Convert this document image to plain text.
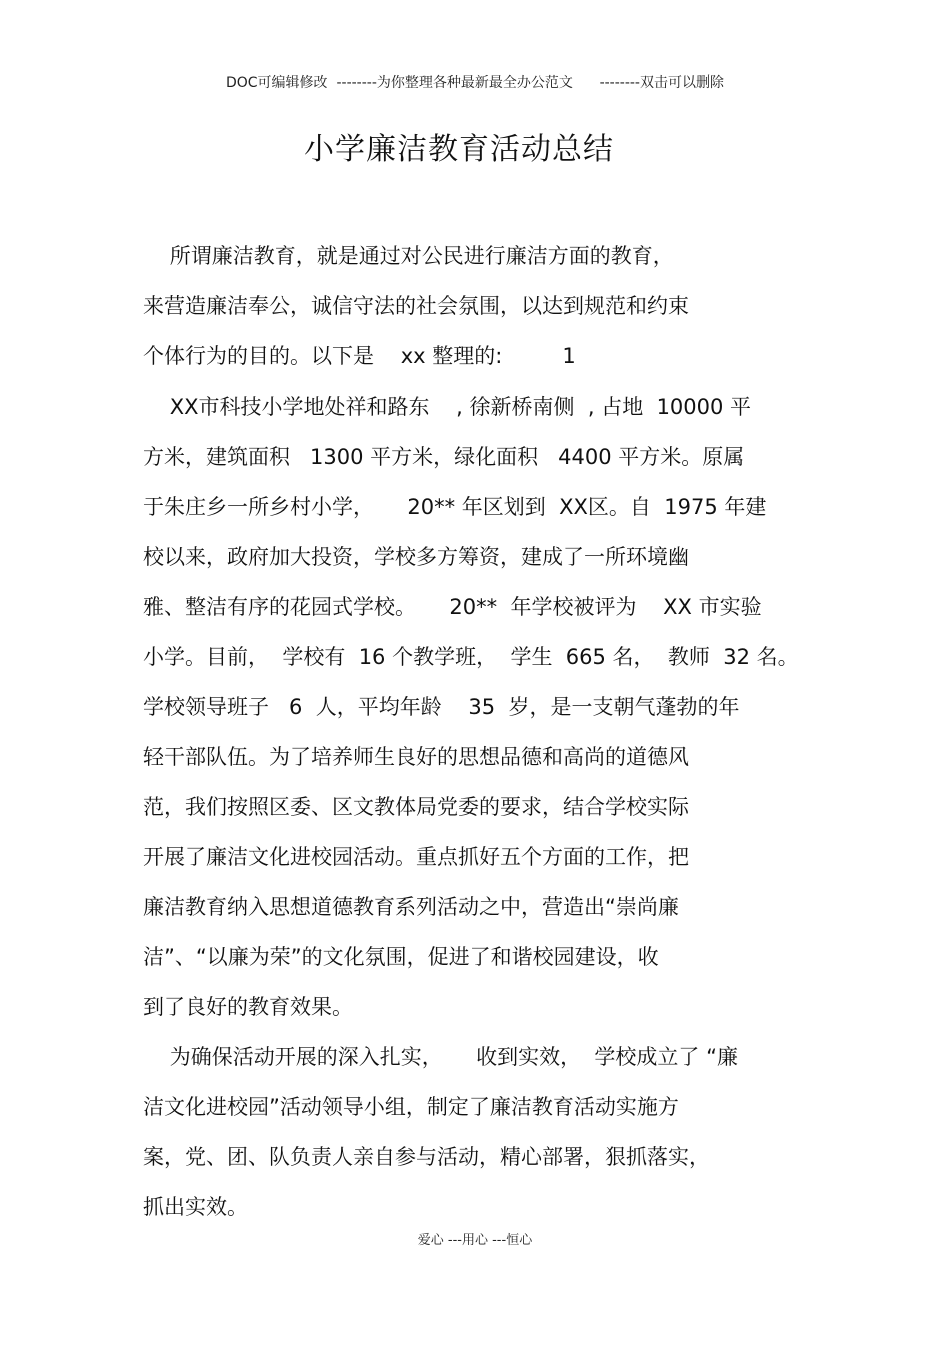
DOC可编辑修改  --------为你整理各种最新最全办公范文      --------双击可以删除
小学廉洁教育活动总结
所谓廉洁教育，就是通过对公民进行廉洁方面的教育，
来营造廉洁奉公，诚信守法的社会氛围，以达到规范和约束
个体行为的目的。以下是    xx 整理的:         1
XX市科技小学地处祥和路东    , 徐新桥南侧  , 占地  10000 平
方米，建筑面积   1300 平方米，绿化面积   4400 平方米。原属
于朱庄乡一所乡村小学，     20** 年区划到  XX区。自  1975 年建
校以来，政府加大投资，学校多方筹资，建成了一所环境幽
雅、整洁有序的花园式学校。     20**  年学校被评为    XX 市实验
小学。目前，  学校有  16 个教学班，  学生  665 名，  教师  32 名。
学校领导班子   6  人，平均年龄    35  岁，是一支朝气蓬勃的年
轻干部队伍。为了培养师生良好的思想品德和高尚的道德风
范，我们按照区委、区文教体局党委的要求，结合学校实际
开展了廉洁文化进校园活动。重点抓好五个方面的工作，把
廉洁教育纳入思想道德教育系列活动之中，营造出“崇尚廉
洁”、“以廉为荣”的文化氛围，促进了和谐校园建设，收
到了良好的教育效果。
为确保活动开展的深入扎实，     收到实效，  学校成立了 “廉
洁文化进校园”活动领导小组，制定了廉洁教育活动实施方
案，党、团、队负责人亲自参与活动，精心部署，狠抓落实，
抓出实效。
爱心 ---用心 ---恒心
